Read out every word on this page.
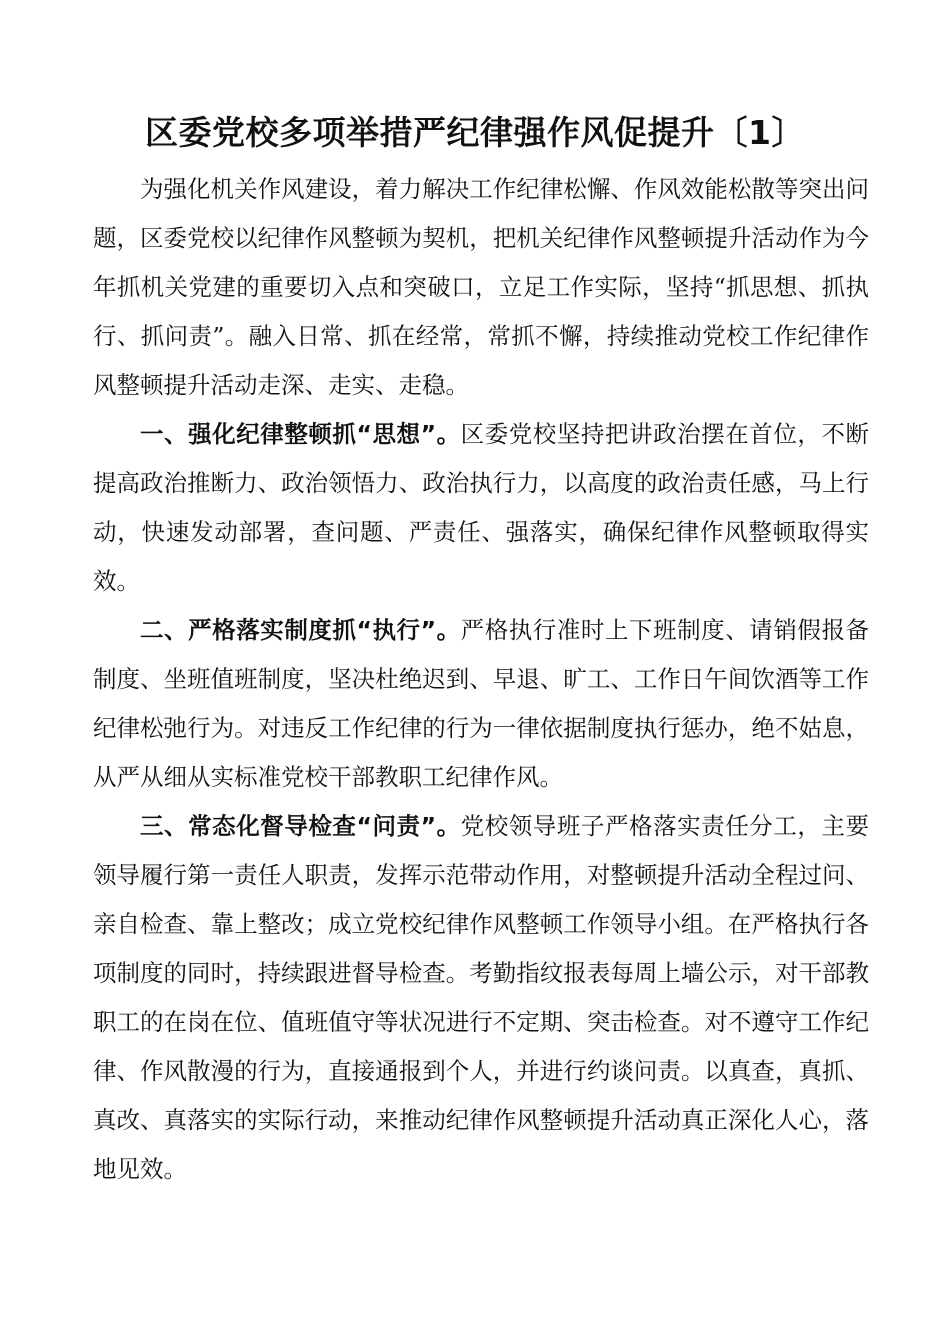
区委党校多项举措严纪律强作风促提升〔1〕

为强化机关作风建设，着力解决工作纪律松懈、作风效能松散等突出问题，区委党校以纪律作风整顿为契机，把机关纪律作风整顿提升活动作为今年抓机关党建的重要切入点和突破口，立足工作实际，坚持“抓思想、抓执行、抓问责”。融入日常、抓在经常，常抓不懈，持续推动党校工作纪律作风整顿提升活动走深、走实、走稳。

一、强化纪律整顿抓“思想”。区委党校坚持把讲政治摆在首位，不断提高政治推断力、政治领悟力、政治执行力，以高度的政治责任感，马上行动，快速发动部署，查问题、严责任、强落实，确保纪律作风整顿取得实效。

二、严格落实制度抓“执行”。严格执行准时上下班制度、请销假报备制度、坐班值班制度，坚决杜绝迟到、早退、旷工、工作日午间饮酒等工作纪律松弛行为。对违反工作纪律的行为一律依据制度执行惩办，绝不姑息，从严从细从实标准党校干部教职工纪律作风。

三、常态化督导检查“问责”。党校领导班子严格落实责任分工，主要领导履行第一责任人职责，发挥示范带动作用，对整顿提升活动全程过问、亲自检查、靠上整改；成立党校纪律作风整顿工作领导小组。在严格执行各项制度的同时，持续跟进督导检查。考勤指纹报表每周上墙公示，对干部教职工的在岗在位、值班值守等状况进行不定期、突击检查。对不遵守工作纪律、作风散漫的行为，直接通报到个人，并进行约谈问责。以真查，真抓、真改、真落实的实际行动，来推动纪律作风整顿提升活动真正深化人心，落地见效。
